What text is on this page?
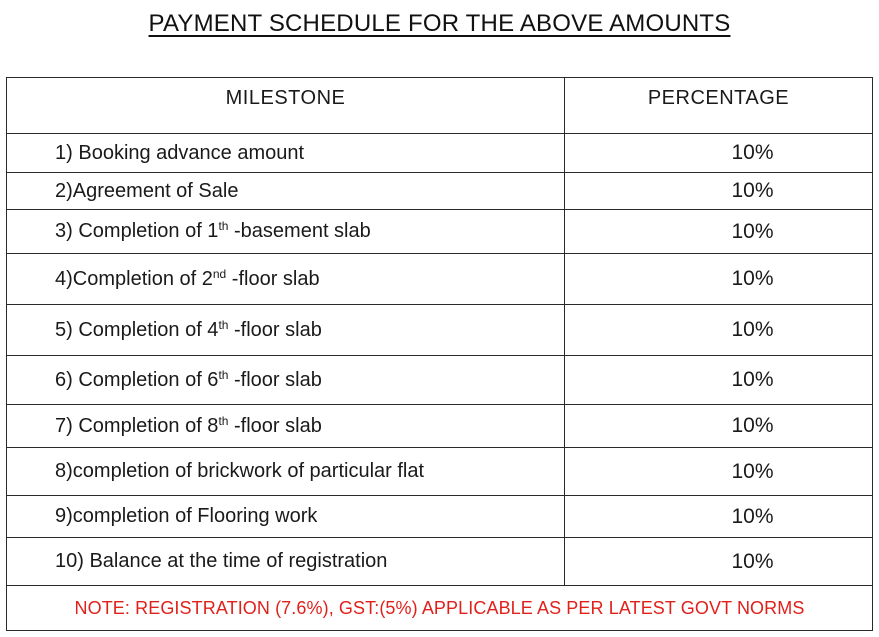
PAYMENT SCHEDULE FOR THE ABOVE AMOUNTS
MILESTONE	PERCENTAGE
1) Booking advance amount	10%
2)Agreement of Sale	10%
3) Completion of 1th -basement slab	10%
4)Completion of 2nd -floor slab	10%
5) Completion of 4th -floor slab	10%
6) Completion of 6th -floor slab	10%
7) Completion of 8th -floor slab	10%
8)completion of brickwork of particular flat	10%
9)completion of Flooring work	10%
10) Balance at the time of registration	10%
NOTE: REGISTRATION (7.6%), GST:(5%) APPLICABLE AS PER LATEST GOVT NORMS	
